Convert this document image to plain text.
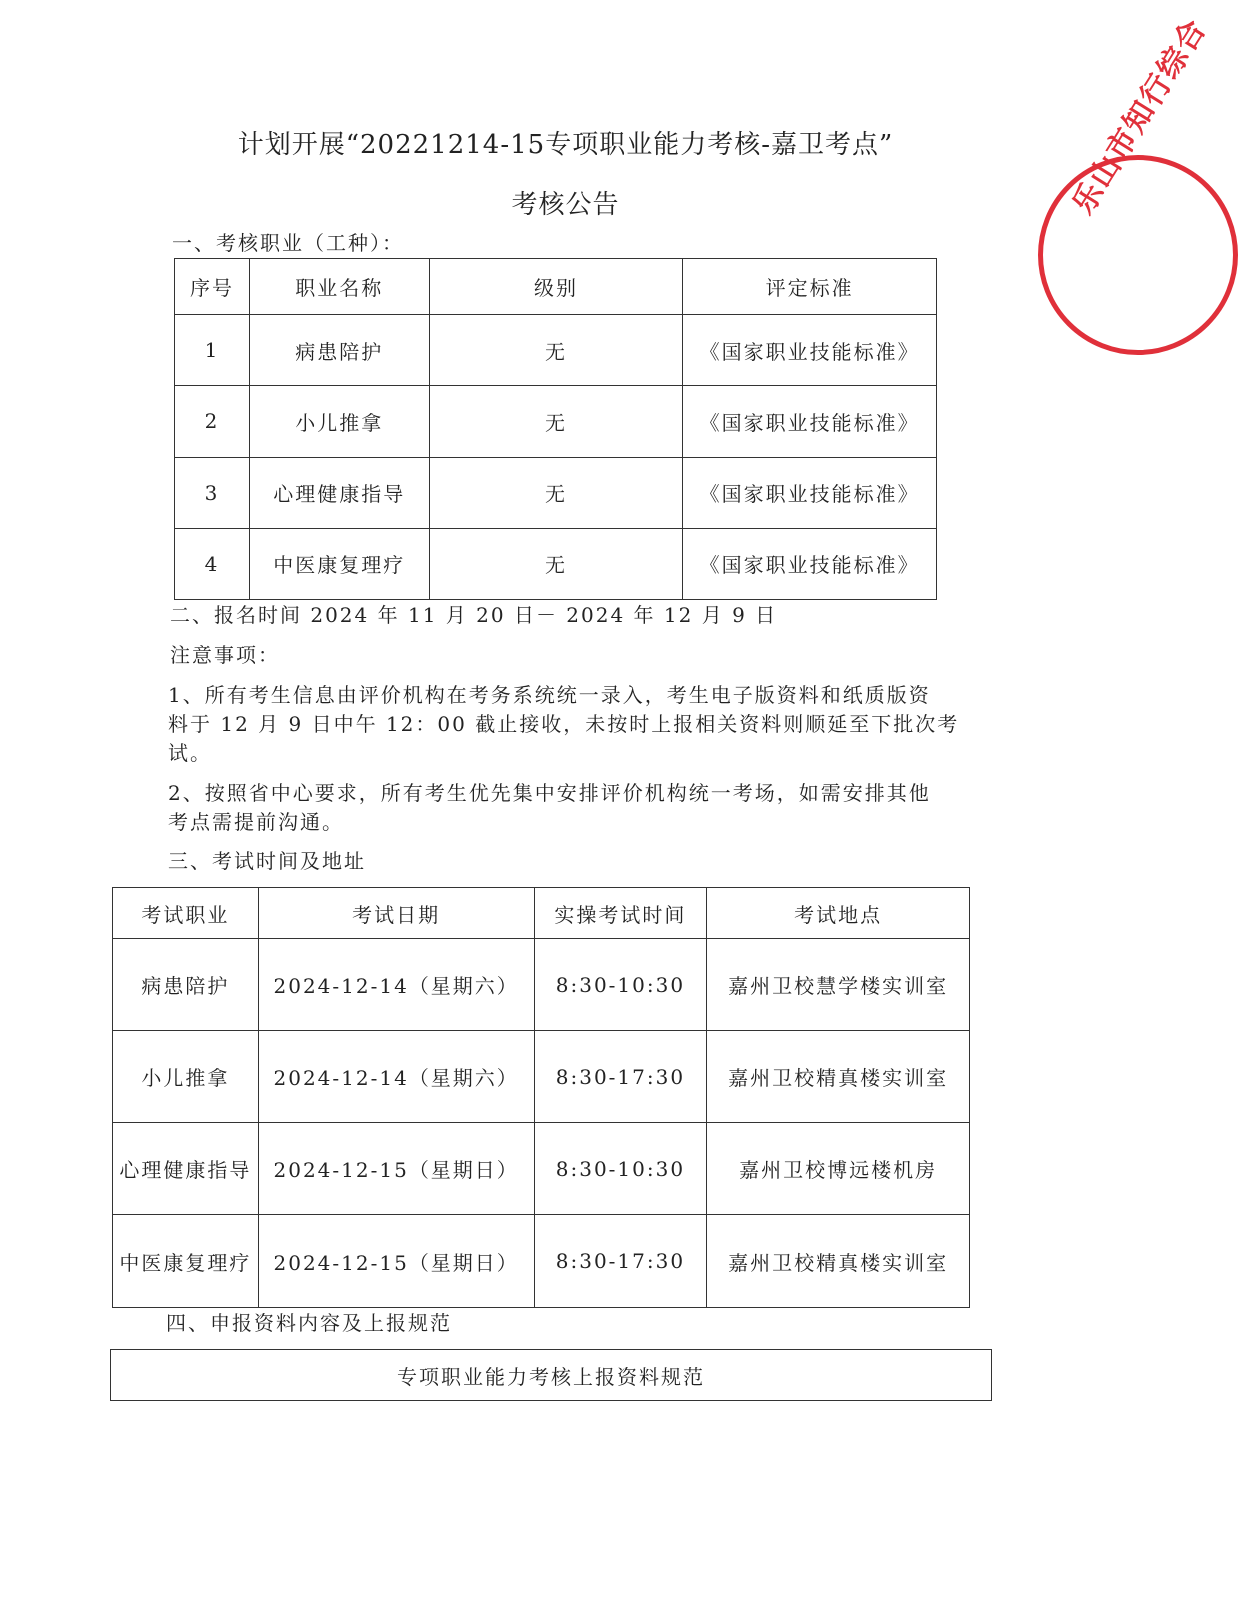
计划开展“20221214-15专项职业能力考核-嘉卫考点”
考核公告	乐山市知行综合
一、考核职业（工种）：
序号	职业名称	级别	评定标准
1	病患陪护	无	《国家职业技能标准》
2	小儿推拿	无	《国家职业技能标准》
3	心理健康指导	无	《国家职业技能标准》
4	中医康复理疗	无	《国家职业技能标准》
二、报名时间 2024 年 11 月 20 日－ 2024 年 12 月 9 日
注意事项：
1、所有考生信息由评价机构在考务系统统一录入，考生电子版资料和纸质版资
料于 12 月 9 日中午 12：00 截止接收，未按时上报相关资料则顺延至下批次考
试。
2、按照省中心要求，所有考生优先集中安排评价机构统一考场，如需安排其他
考点需提前沟通。
三、考试时间及地址
考试职业	考试日期	实操考试时间	考试地点
病患陪护	2024-12-14（星期六）	8:30-10:30	嘉州卫校慧学楼实训室
小儿推拿	2024-12-14（星期六）	8:30-17:30	嘉州卫校精真楼实训室
心理健康指导	2024-12-15（星期日）	8:30-10:30	嘉州卫校博远楼机房
中医康复理疗	2024-12-15（星期日）	8:30-17:30	嘉州卫校精真楼实训室
四、申报资料内容及上报规范
专项职业能力考核上报资料规范
